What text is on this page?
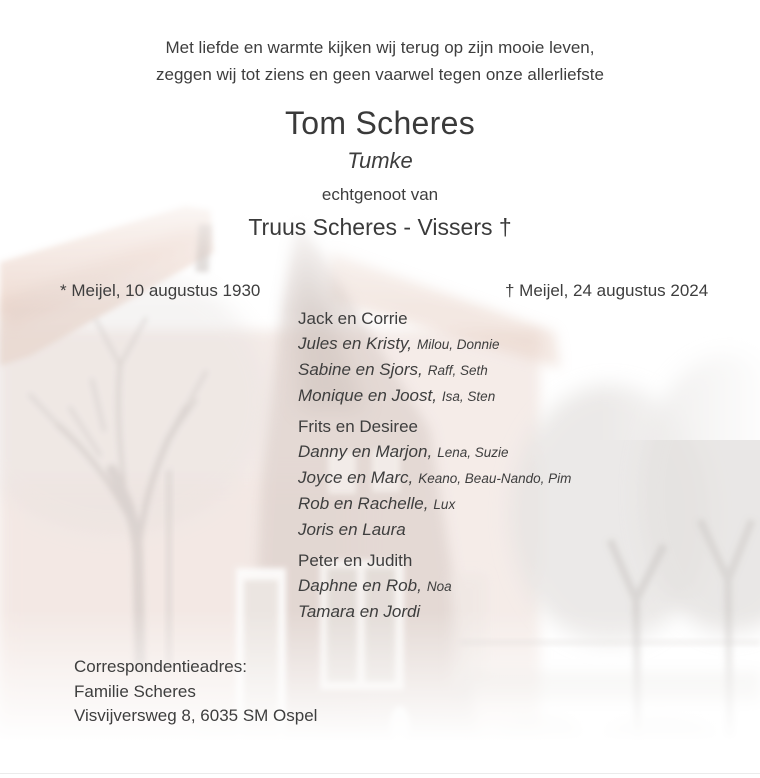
Met liefde en warmte kijken wij terug op zijn mooie leven,
zeggen wij tot ziens en geen vaarwel tegen onze allerliefste
Tom Scheres
Tumke
echtgenoot van
Truus Scheres - Vissers †
* Meijel, 10 augustus 1930	† Meijel, 24 augustus 2024
Jack en Corrie
Jules en Kristy, Milou, Donnie
Sabine en Sjors, Raff, Seth
Monique en Joost, Isa, Sten
Frits en Desiree
Danny en Marjon, Lena, Suzie
Joyce en Marc, Keano, Beau-Nando, Pim
Rob en Rachelle, Lux
Joris en Laura
Peter en Judith
Daphne en Rob, Noa
Tamara en Jordi
Correspondentieadres:
Familie Scheres
Visvijversweg 8, 6035 SM Ospel
